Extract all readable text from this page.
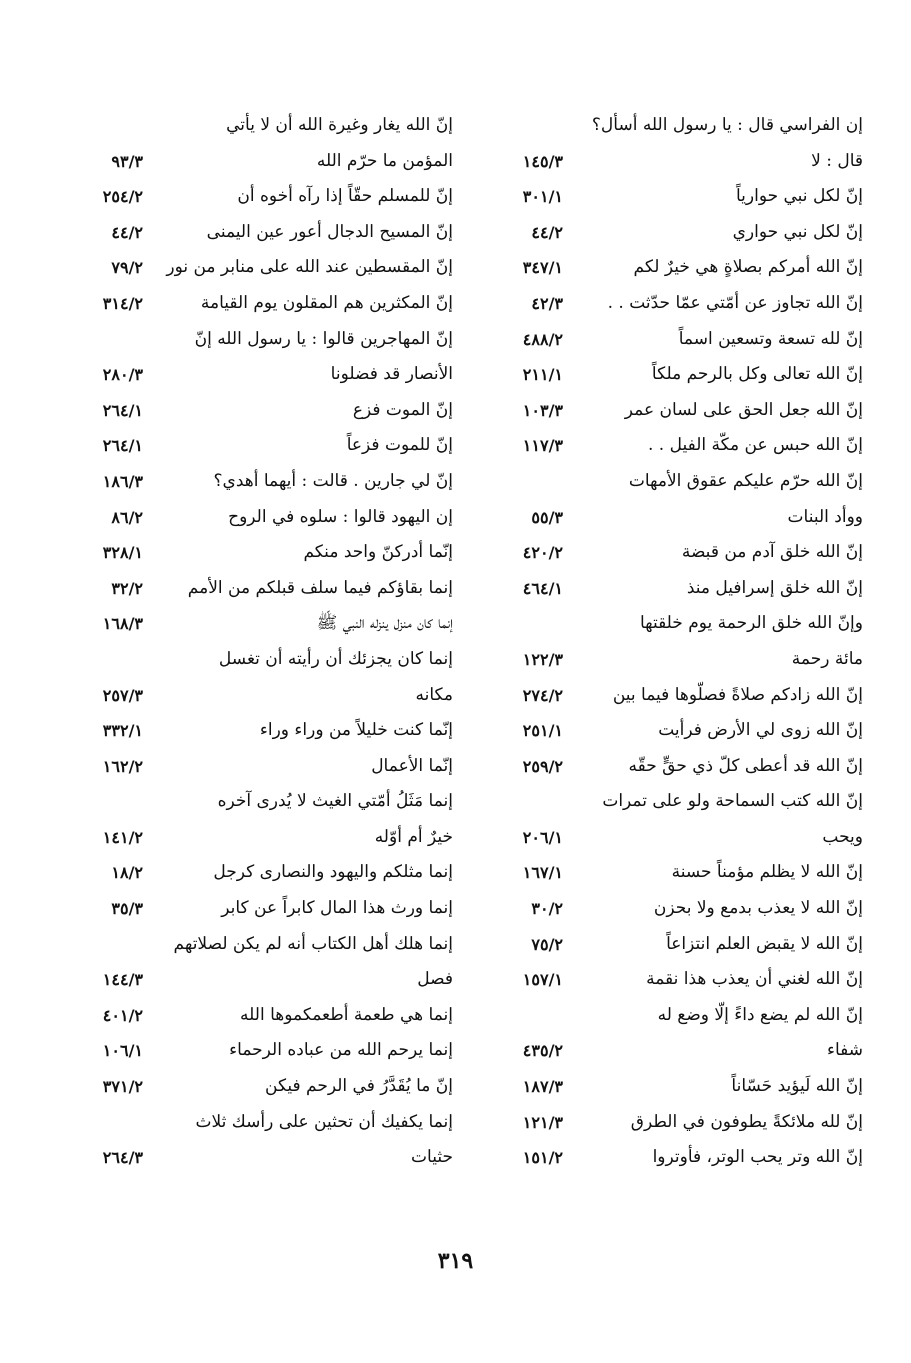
إن الفراسي قال : يا رسول الله أسأل؟
قال : لا
١٤٥/٣
إنّ لكل نبي حوارياً
٣٠١/١
إنّ لكل نبي حواري
٤٤/٢
إنّ الله أمركم بصلاةٍ هي خيرٌ لكم
٣٤٧/١
إنّ الله تجاوز عن أمّتي عمّا حدّثت . .
٤٢/٣
إنّ لله تسعة وتسعين اسماً
٤٨٨/٢
إنّ الله تعالى وكل بالرحم ملكاً
٢١١/١
إنّ الله جعل الحق على لسان عمر
١٠٣/٣
إنّ الله حبس عن مكّة الفيل . .
١١٧/٣
إنّ الله حرّم عليكم عقوق الأمهات
ووأد البنات
٥٥/٣
إنّ الله خلق آدم من قبضة
٤٢٠/٢
إنّ الله خلق إسرافيل منذ
٤٦٤/١
وإنّ الله خلق الرحمة يوم خلقتها
مائة رحمة
١٢٢/٣
إنّ الله زادكم صلاةً فصلّوها فيما بين
٢٧٤/٢
إنّ الله زوى لي الأرض فرأيت
٢٥١/١
إنّ الله قد أعطى كلّ ذي حقٍّ حقّه
٢٥٩/٢
إنّ الله كتب السماحة ولو على تمرات
ويحب
٢٠٦/١
إنّ الله لا يظلم مؤمناً حسنة
١٦٧/١
إنّ الله لا يعذب بدمع ولا بحزن
٣٠/٢
إنّ الله لا يقبض العلم انتزاعاً
٧٥/٢
إنّ الله لغني أن يعذب هذا نقمة
١٥٧/١
إنّ الله لم يضع داءً إلّا وضع له
شفاء
٤٣٥/٢
إنّ الله لَيؤيد حَسّاناً
١٨٧/٣
إنّ لله ملائكةً يطوفون في الطرق
١٢١/٣
إنّ الله وتر يحب الوتر، فأوتروا
١٥١/٢
إنّ الله يغار وغيرة الله أن لا يأتي
المؤمن ما حرّم الله
٩٣/٣
إنّ للمسلم حقّاً إذا رآه أخوه أن
٢٥٤/٢
إنّ المسيح الدجال أعور عين اليمنى
٤٤/٢
إنّ المقسطين عند الله على منابر من نور
٧٩/٢
إنّ المكثرين هم المقلون يوم القيامة
٣١٤/٢
إنّ المهاجرين قالوا : يا رسول الله إنّ
الأنصار قد فضلونا
٢٨٠/٣
إنّ الموت فزع
٢٦٤/١
إنّ للموت فزعاً
٢٦٤/١
إنّ لي جارين . قالت : أيهما أهدي؟
١٨٦/٣
إن اليهود قالوا : سلوه في الروح
٨٦/٢
إنّما أدركنّ واحد منكم
٣٢٨/١
إنما بقاؤكم فيما سلف قبلكم من الأمم
٣٢/٢
إنما كان منزل ينزله النبي ﷺ
١٦٨/٣
إنما كان يجزئك أن رأيته أن تغسل
مكانه
٢٥٧/٣
إنّما كنت خليلاً من وراء وراء
٣٣٢/١
إنّما الأعمال
١٦٢/٢
إنما مَثَلُ أمّتي الغيث لا يُدرى آخره
خيرٌ أم أوّله
١٤١/٢
إنما مثلكم واليهود والنصارى كرجل
١٨/٢
إنما ورث هذا المال كابراً عن كابر
٣٥/٣
إنما هلك أهل الكتاب أنه لم يكن لصلاتهم
فصل
١٤٤/٣
إنما هي طعمة أطعمكموها الله
٤٠١/٢
إنما يرحم الله من عباده الرحماء
١٠٦/١
إنّ ما يُقَدَّرُ في الرحم فيكن
٣٧١/٢
إنما يكفيك أن تحثين على رأسك ثلاث
حثيات
٢٦٤/٣
٣١٩
